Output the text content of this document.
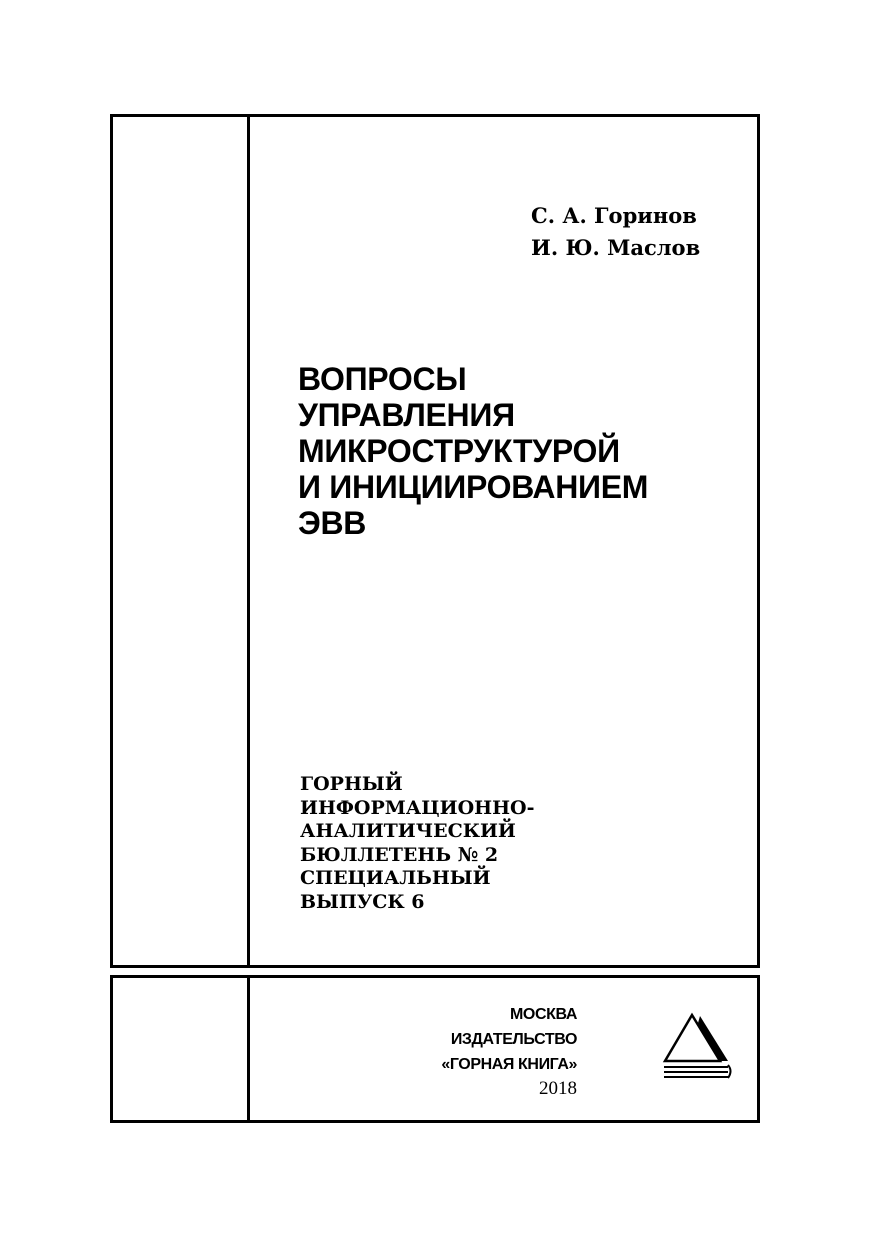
С. А. Горинов
И. Ю. Маслов
ВОПРОСЫ
УПРАВЛЕНИЯ
МИКРОСТРУКТУРОЙ
И ИНИЦИИРОВАНИЕМ
ЭВВ
ГОРНЫЙ
ИНФОРМАЦИОННО-
АНАЛИТИЧЕСКИЙ
БЮЛЛЕТЕНЬ № 2
СПЕЦИАЛЬНЫЙ
ВЫПУСК 6
МОСКВА
ИЗДАТЕЛЬСТВО
«ГОРНАЯ КНИГА»
2018
